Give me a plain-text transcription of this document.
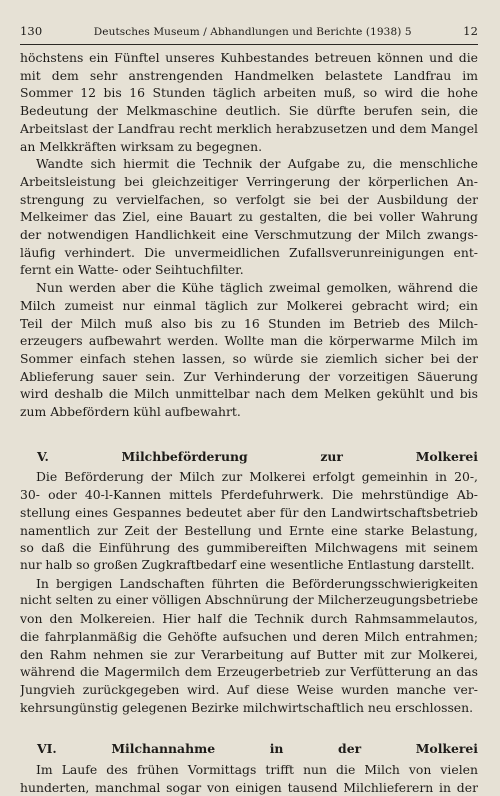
130	Deutsches Museum / Abhandlungen und Berichte (1938) 5	12

höchstens ein Fünftel unseres Kuhbestandes betreuen können und die

mit dem sehr anstrengenden Handmelken belastete Landfrau im

Sommer 12 bis 16 Stunden täglich arbeiten muß, so wird die hohe

Bedeutung der Melkmaschine deutlich. Sie dürfte berufen sein, die

Arbeitslast der Landfrau recht merklich herabzusetzen und dem Mangel

an Melkkräften wirksam zu begegnen.

Wandte sich hiermit die Technik der Aufgabe zu, die menschliche

Arbeitsleistung bei gleichzeitiger Verringerung der körperlichen An-

strengung zu vervielfachen, so verfolgt sie bei der Ausbildung der

Melkeimer das Ziel, eine Bauart zu gestalten, die bei voller Wahrung

der notwendigen Handlichkeit eine Verschmutzung der Milch zwangs-

läufig verhindert. Die unvermeidlichen Zufallsverunreinigungen ent-

fernt ein Watte- oder Seihtuchfilter.

Nun werden aber die Kühe täglich zweimal gemolken, während die

Milch zumeist nur einmal täglich zur Molkerei gebracht wird; ein

Teil der Milch muß also bis zu 16 Stunden im Betrieb des Milch-

erzeugers aufbewahrt werden. Wollte man die körperwarme Milch im

Sommer einfach stehen lassen, so würde sie ziemlich sicher bei der

Ablieferung sauer sein. Zur Verhinderung der vorzeitigen Säuerung

wird deshalb die Milch unmittelbar nach dem Melken gekühlt und bis

zum Abbefördern kühl aufbewahrt.

V. Milchbeförderung zur Molkerei

Die Beförderung der Milch zur Molkerei erfolgt gemeinhin in 20-,

30- oder 40-l-Kannen mittels Pferdefuhrwerk. Die mehrstündige Ab-

stellung eines Gespannes bedeutet aber für den Landwirtschaftsbetrieb

namentlich zur Zeit der Bestellung und Ernte eine starke Belastung,

so daß die Einführung des gummibereiften Milchwagens mit seinem

nur halb so großen Zugkraftbedarf eine wesentliche Entlastung darstellt.

In bergigen Landschaften führten die Beförderungsschwierigkeiten

nicht selten zu einer völligen Abschnürung der Milcherzeugungsbetriebe

von den Molkereien. Hier half die Technik durch Rahmsammelautos,

die fahrplanmäßig die Gehöfte aufsuchen und deren Milch entrahmen;

den Rahm nehmen sie zur Verarbeitung auf Butter mit zur Molkerei,

während die Magermilch dem Erzeugerbetrieb zur Verfütterung an das

Jungvieh zurückgegeben wird. Auf diese Weise wurden manche ver-

kehrsungünstig gelegenen Bezirke milchwirtschaftlich neu erschlossen.

VI. Milchannahme in der Molkerei

Im Laufe des frühen Vormittags trifft nun die Milch von vielen

hunderten, manchmal sogar von einigen tausend Milchlieferern in der
